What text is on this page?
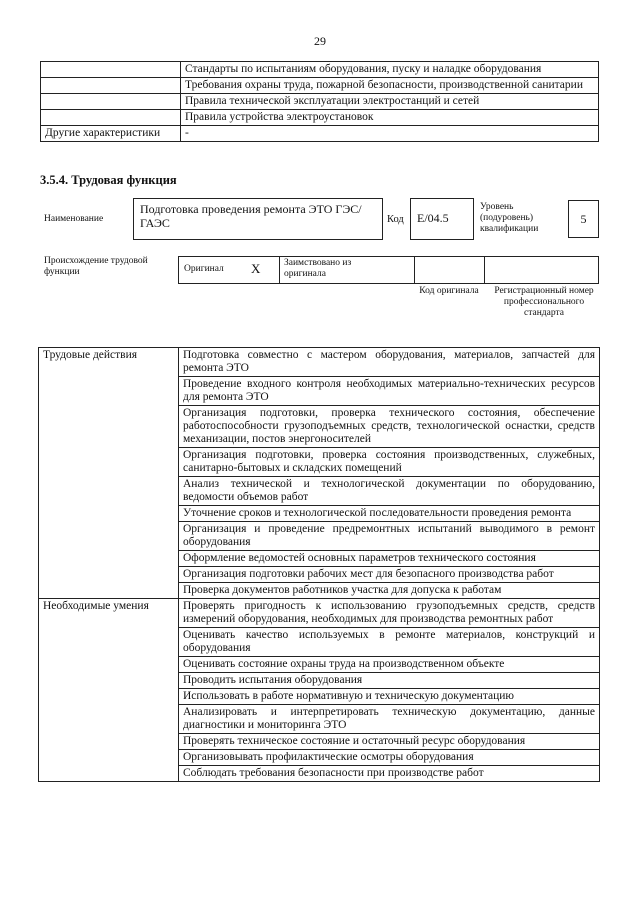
29
	Стандарты по испытаниям оборудования, пуску и наладке оборудования
	Требования охраны труда, пожарной безопасности, производственной санитарии
	Правила технической эксплуатации электростанций и сетей
	Правила устройства электроустановок
Другие характеристики	-
3.5.4. Трудовая функция
Наименование
Подготовка проведения ремонта ЭТО ГЭС/ГАЭС	Код	E/04.5
Уровень (подуровень) квалификации
5
Происхождение трудовой функции	Оригинал X Заимствовано из оригинала
Код оригинала	Регистрационный номер профессионального стандарта
Трудовые действия	Подготовка совместно с мастером оборудования, материалов, запчастей для ремонта ЭТО
	Проведение входного контроля необходимых материально-технических ресурсов для ремонта ЭТО
	Организация подготовки, проверка технического состояния, обеспечение работоспособности грузоподъемных средств, технологической оснастки, средств механизации, постов энергоносителей
	Организация подготовки, проверка состояния производственных, служебных, санитарно-бытовых и складских помещений
	Анализ технической и технологической документации по оборудованию, ведомости объемов работ
	Уточнение сроков и технологической последовательности проведения ремонта
	Организация и проведение предремонтных испытаний выводимого в ремонт оборудования
	Оформление ведомостей основных параметров технического состояния
	Организация подготовки рабочих мест для безопасного производства работ
	Проверка документов работников участка для допуска к работам
Необходимые умения	Проверять пригодность к использованию грузоподъемных средств, средств измерений оборудования, необходимых для производства ремонтных работ
	Оценивать качество используемых в ремонте материалов, конструкций и оборудования
	Оценивать состояние охраны труда на производственном объекте
	Проводить испытания оборудования
	Использовать в работе нормативную и техническую документацию
	Анализировать и интерпретировать техническую документацию, данные диагностики и мониторинга ЭТО
	Проверять техническое состояние и остаточный ресурс оборудования
	Организовывать профилактические осмотры оборудования
	Соблюдать требования безопасности при производстве работ
